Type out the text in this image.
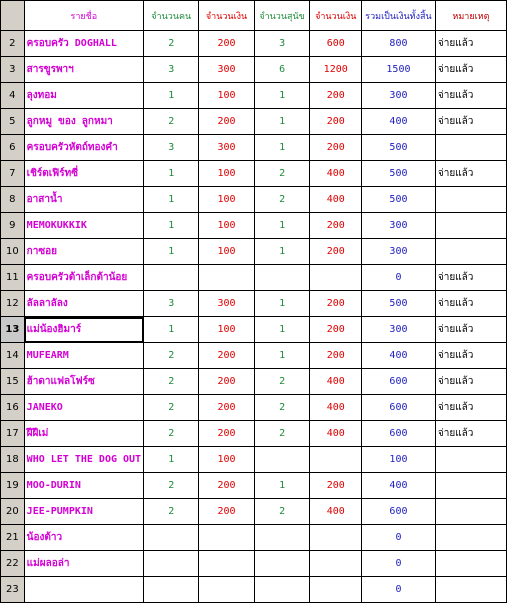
	รายชื่อ	จำนวนคน	จำนวนเงิน	จำนวนสุนัข	จำนวนเงิน	รวมเป็นเงินทั้งสิ้น	หมายเหตุ
2	ครอบครัว DOGHALL	2	200	3	600	800	จ่ายแล้ว
3	สารขูรพาฯ	3	300	6	1200	1500	จ่ายแล้ว
4	ลุงทอม	1	100	1	200	300	จ่ายแล้ว
5	ลูกหมู ของ ลูกหมา	2	200	1	200	400	จ่ายแล้ว
6	ครอบครัวหัตถ์ทองคำ	3	300	1	200	500	
7	เชิร์ตเฟิร์ทซี่	1	100	2	400	500	จ่ายแล้ว
8	อาสาน้ำ	1	100	2	400	500	
9	MEMOKUKKIK	1	100	1	200	300	
10	กาซอย	1	100	1	200	300	
11	ครอบครัวต้าเล็กต้าน้อย					0	จ่ายแล้ว
12	ลัลลาลัลง	3	300	1	200	500	จ่ายแล้ว
13	แม่น้องฮิมาร์	1	100	1	200	300	จ่ายแล้ว
14	MUFEARM	2	200	1	200	400	จ่ายแล้ว
15	ฮ้าดาแฟลโฟร์ซ	2	200	2	400	600	จ่ายแล้ว
16	JANEKO	2	200	2	400	600	จ่ายแล้ว
17	ฝีฝีเม่	2	200	2	400	600	จ่ายแล้ว
18	WHO LET THE DOG OUT	1	100			100	
19	MOO-DURIN	2	200	1	200	400	
20	JEE-PUMPKIN	2	200	2	400	600	
21	น้องต้าว					0	
22	แม่ผลอล่า					0	
23						0	
